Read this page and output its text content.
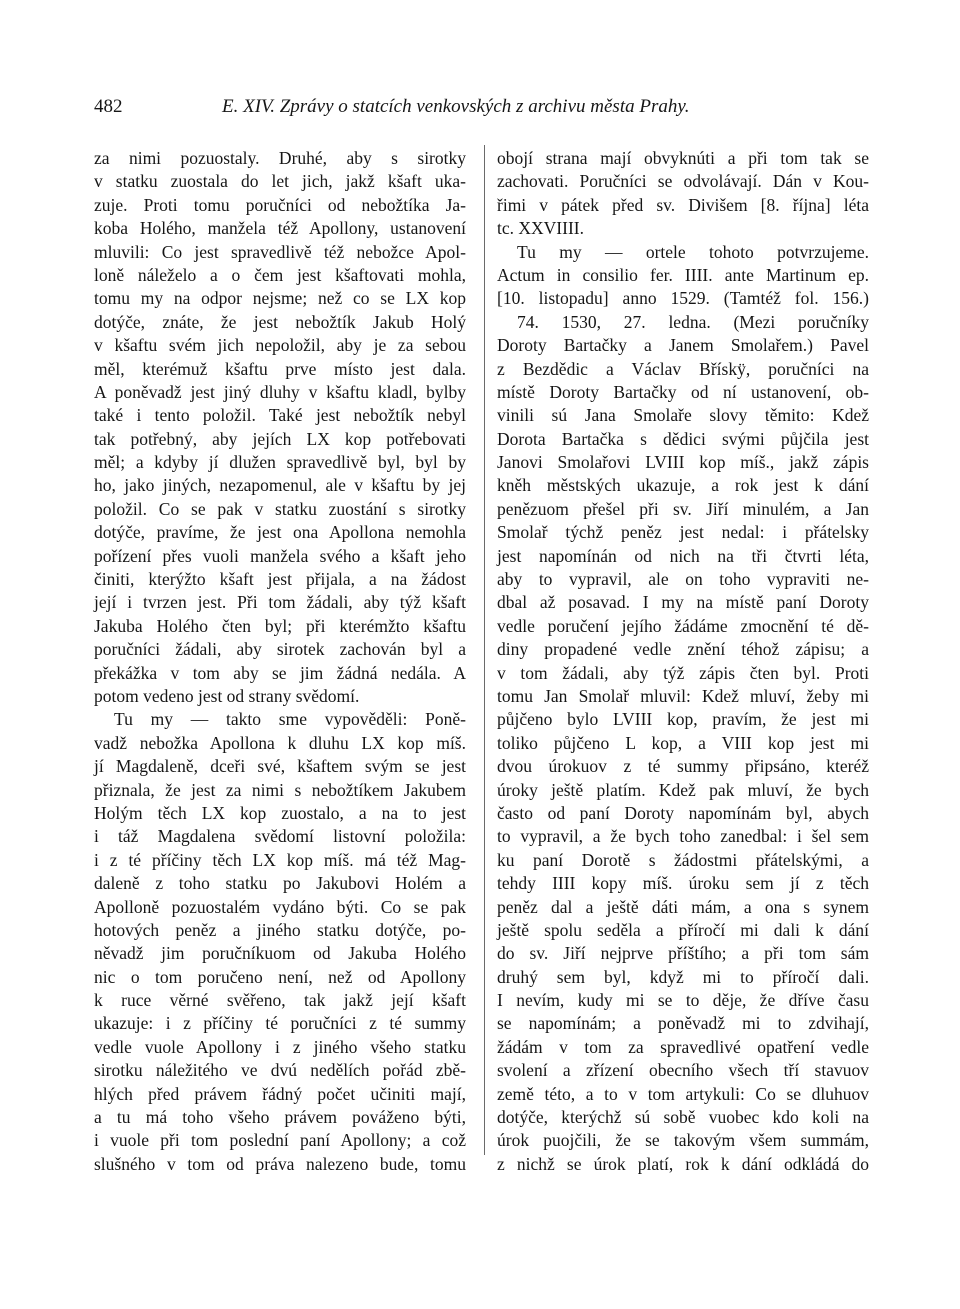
482	E. XIV. Zprávy o statcích venkovských z archivu města Prahy.
za nimi pozuostaly. Druhé, aby s sirotky
v statku zuostala do let jich, jakž kšaft uka-
zuje. Proti tomu poručníci od nebožtíka Ja-
koba Holého, manžela též Apollony, ustanovení
mluvili: Co jest spravedlivě též nebožce Apol-
loně náleželo a o čem jest kšaftovati mohla,
tomu my na odpor nejsme; než co se LX kop
dotýče, znáte, že jest nebožtík Jakub Holý
v kšaftu svém jich nepoložil, aby je za sebou
měl, kterémuž kšaftu prve místo jest dala.
A poněvadž jest jiný dluhy v kšaftu kladl, bylby
také i tento položil. Také jest nebožtík nebyl
tak potřebný, aby jejích LX kop potřebovati
měl; a kdyby jí dlužen spravedlivě byl, byl by
ho, jako jiných, nezapomenul, ale v kšaftu by jej
položil. Co se pak v statku zuostání s sirotky
dotýče, pravíme, že jest ona Apollona nemohla
pořízení přes vuoli manžela svého a kšaft jeho
činiti, kterýžto kšaft jest přijala, a na žádost
její i tvrzen jest. Při tom žádali, aby týž kšaft
Jakuba Holého čten byl; při kterémžto kšaftu
poručníci žádali, aby sirotek zachován byl a
překážka v tom aby se jim žádná nedála. A
potom vedeno jest od strany svědomí.
Tu my — takto sme vypověděli: Poně-
vadž nebožka Apollona k dluhu LX kop míš.
jí Magdaleně, dceři své, kšaftem svým se jest
přiznala, že jest za nimi s nebožtíkem Jakubem
Holým těch LX kop zuostalo, a na to jest
i táž Magdalena svědomí listovní položila:
i z té příčiny těch LX kop míš. má též Mag-
daleně z toho statku po Jakubovi Holém a
Apolloně pozuostalém vydáno býti. Co se pak
hotových peněz a jiného statku dotýče, po-
něvadž jim poručníkuom od Jakuba Holého
nic o tom poručeno není, než od Apollony
k ruce věrné svěřeno, tak jakž její kšaft
ukazuje: i z příčiny té poručníci z té summy
vedle vuole Apollony i z jiného všeho statku
sirotku náležitého ve dvú nedělích pořád zbě-
hlých před právem řádný počet učiniti mají,
a tu má toho všeho právem pováženo býti,
i vuole při tom poslední paní Apollony; a což
slušného v tom od práva nalezeno bude, tomu
obojí strana mají obvyknúti a při tom tak se
zachovati. Poručníci se odvolávají. Dán v Kou-
řimi v pátek před sv. Divišem [8. října] léta
tc. XXVIIII.
Tu my — ortele tohoto potvrzujeme.
Actum in consilio fer. IIII. ante Martinum ep.
[10. listopadu] anno 1529. (Tamtéž fol. 156.)
74. 1530, 27. ledna. (Mezi poručníky
Doroty Bartačky a Janem Smolařem.) Pavel
z Bezdědic a Václav Břískÿ, poručníci na
místě Doroty Bartačky od ní ustanovení, ob-
vinili sú Jana Smolaře slovy těmito: Kdež
Dorota Bartačka s dědici svými půjčila jest
Janovi Smolařovi LVIII kop míš., jakž zápis
kněh městských ukazuje, a rok jest k dání
penězuom přešel při sv. Jiří minulém, a Jan
Smolař týchž peněz jest nedal: i přátelsky
jest napomínán od nich na tři čtvrti léta,
aby to vypravil, ale on toho vypraviti ne-
dbal až posavad. I my na místě paní Doroty
vedle poručení jejího žádáme zmocnění té dě-
diny propadené vedle znění téhož zápisu; a
v tom žádali, aby týž zápis čten byl. Proti
tomu Jan Smolař mluvil: Kdež mluví, žeby mi
půjčeno bylo LVIII kop, pravím, že jest mi
toliko půjčeno L kop, a VIII kop jest mi
dvou úrokuov z té summy připsáno, kteréž
úroky ještě platím. Kdež pak mluví, že bych
často od paní Doroty napomínám byl, abych
to vypravil, a že bych toho zanedbal: i šel sem
ku paní Dorotě s žádostmi přátelskými, a
tehdy IIII kopy míš. úroku sem jí z těch
peněz dal a ještě dáti mám, a ona s synem
ještě spolu seděla a příročí mi dali k dání
do sv. Jiří nejprve příštího; a při tom sám
druhý sem byl, když mi to příročí dali.
I nevím, kudy mi se to děje, že dříve času
se napomínám; a poněvadž mi to zdvihají,
žádám v tom za spravedlivé opatření vedle
svolení a zřízení obecního všech tří stavuov
země této, a to v tom artykuli: Co se dluhuov
dotýče, kterýchž sú sobě vuobec kdo koli na
úrok puojčili, že se takovým všem summám,
z nichž se úrok platí, rok k dání odkládá do
